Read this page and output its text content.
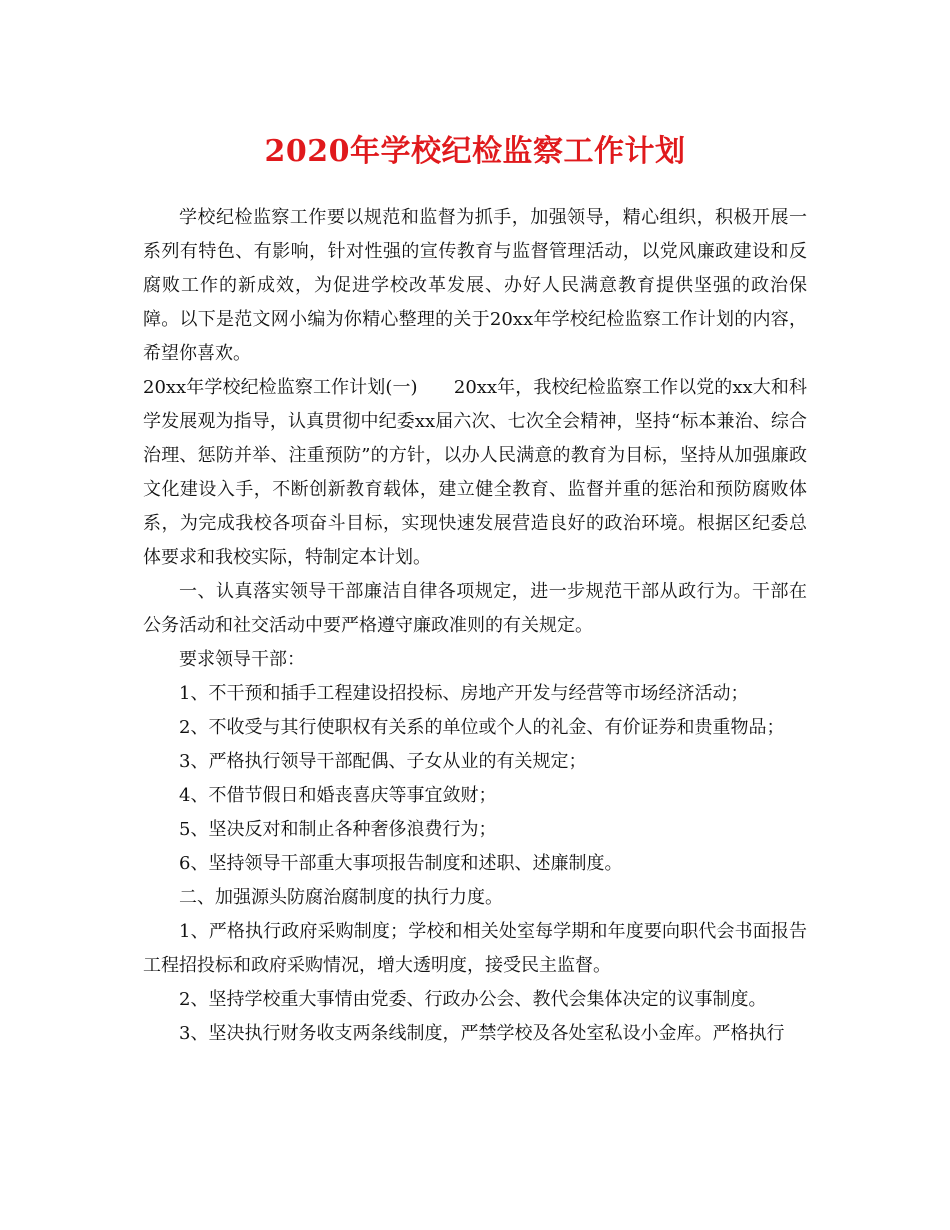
2020年学校纪检监察工作计划

学校纪检监察工作要以规范和监督为抓手，加强领导，精心组织，积极开展一系列有特色、有影响，针对性强的宣传教育与监督管理活动，以党风廉政建设和反腐败工作的新成效，为促进学校改革发展、办好人民满意教育提供坚强的政治保障。以下是范文网小编为你精心整理的关于20xx年学校纪检监察工作计划的内容，希望你喜欢。

20xx年学校纪检监察工作计划(一)　　20xx年，我校纪检监察工作以党的xx大和科学发展观为指导，认真贯彻中纪委xx届六次、七次全会精神，坚持“标本兼治、综合治理、惩防并举、注重预防”的方针，以办人民满意的教育为目标，坚持从加强廉政文化建设入手，不断创新教育载体，建立健全教育、监督并重的惩治和预防腐败体系，为完成我校各项奋斗目标，实现快速发展营造良好的政治环境。根据区纪委总体要求和我校实际，特制定本计划。

一、认真落实领导干部廉洁自律各项规定，进一步规范干部从政行为。干部在公务活动和社交活动中要严格遵守廉政准则的有关规定。

要求领导干部：

1、不干预和插手工程建设招投标、房地产开发与经营等市场经济活动；

2、不收受与其行使职权有关系的单位或个人的礼金、有价证券和贵重物品；

3、严格执行领导干部配偶、子女从业的有关规定；

4、不借节假日和婚丧喜庆等事宜敛财；

5、坚决反对和制止各种奢侈浪费行为；

6、坚持领导干部重大事项报告制度和述职、述廉制度。

二、加强源头防腐治腐制度的执行力度。

1、严格执行政府采购制度；学校和相关处室每学期和年度要向职代会书面报告工程招投标和政府采购情况，增大透明度，接受民主监督。

2、坚持学校重大事情由党委、行政办公会、教代会集体决定的议事制度。

3、坚决执行财务收支两条线制度，严禁学校及各处室私设小金库。严格执行
